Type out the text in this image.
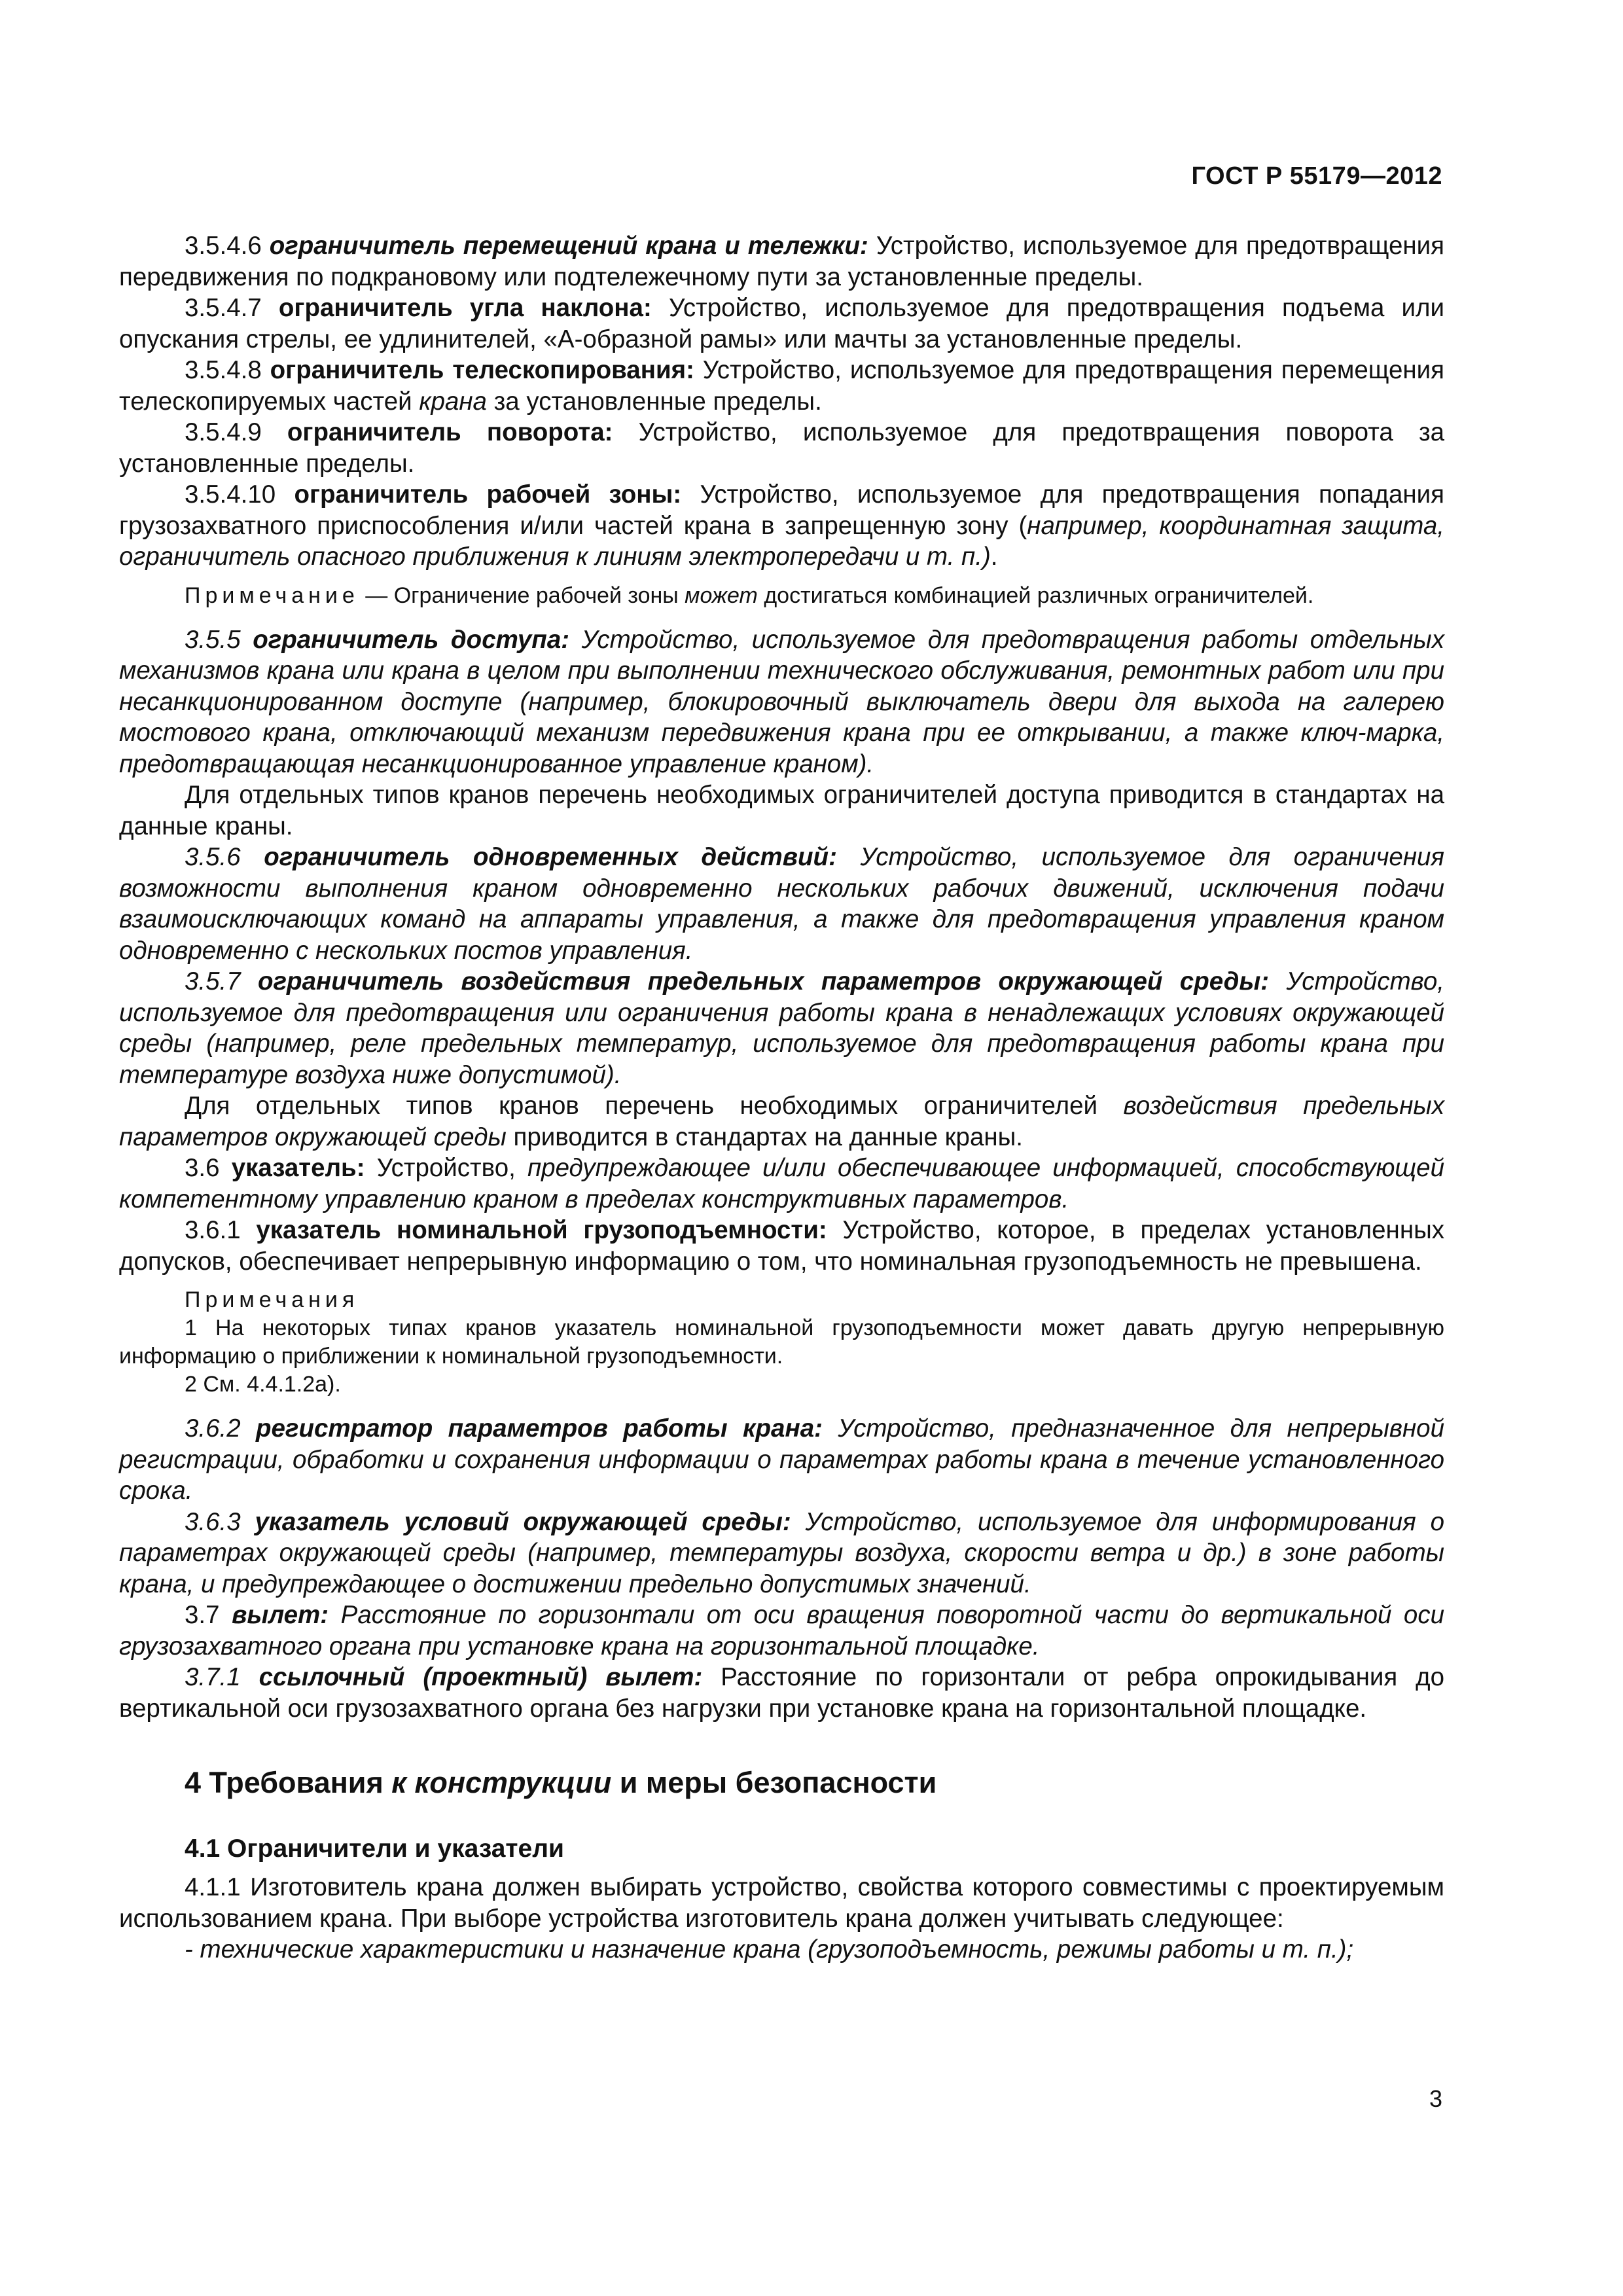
ГОСТ Р 55179—2012

3.5.4.6 ограничитель перемещений крана и тележки: Устройство, используемое для предотвращения передвижения по подкрановому или подтележечному пути за установленные пределы.

3.5.4.7 ограничитель угла наклона: Устройство, используемое для предотвращения подъема или опускания стрелы, ее удлинителей, «А-образной рамы» или мачты за установленные пределы.

3.5.4.8 ограничитель телескопирования: Устройство, используемое для предотвращения перемещения телескопируемых частей крана за установленные пределы.

3.5.4.9 ограничитель поворота: Устройство, используемое для предотвращения поворота за установленные пределы.

3.5.4.10 ограничитель рабочей зоны: Устройство, используемое для предотвращения попадания грузозахватного приспособления и/или частей крана в запрещенную зону (например, координатная защита, ограничитель опасного приближения к линиям электропередачи и т. п.).

Примечание — Ограничение рабочей зоны может достигаться комбинацией различных ограничителей.

3.5.5 ограничитель доступа: Устройство, используемое для предотвращения работы отдельных механизмов крана или крана в целом при выполнении технического обслуживания, ремонтных работ или при несанкционированном доступе (например, блокировочный выключатель двери для выхода на галерею мостового крана, отключающий механизм передвижения крана при ее открывании, а также ключ-марка, предотвращающая несанкционированное управление краном).

Для отдельных типов кранов перечень необходимых ограничителей доступа приводится в стандартах на данные краны.

3.5.6 ограничитель одновременных действий: Устройство, используемое для ограничения возможности выполнения краном одновременно нескольких рабочих движений, исключения подачи взаимоисключающих команд на аппараты управления, а также для предотвращения управления краном одновременно с нескольких постов управления.

3.5.7 ограничитель воздействия предельных параметров окружающей среды: Устройство, используемое для предотвращения или ограничения работы крана в ненадлежащих условиях окружающей среды (например, реле предельных температур, используемое для предотвращения работы крана при температуре воздуха ниже допустимой).

Для отдельных типов кранов перечень необходимых ограничителей воздействия предельных параметров окружающей среды приводится в стандартах на данные краны.

3.6 указатель: Устройство, предупреждающее и/или обеспечивающее информацией, способствующей компетентному управлению краном в пределах конструктивных параметров.

3.6.1 указатель номинальной грузоподъемности: Устройство, которое, в пределах установленных допусков, обеспечивает непрерывную информацию о том, что номинальная грузоподъемность не превышена.

Примечания

1 На некоторых типах кранов указатель номинальной грузоподъемности может давать другую непрерывную информацию о приближении к номинальной грузоподъемности.

2 См. 4.4.1.2а).

3.6.2 регистратор параметров работы крана: Устройство, предназначенное для непрерывной регистрации, обработки и сохранения информации о параметрах работы крана в течение установленного срока.

3.6.3 указатель условий окружающей среды: Устройство, используемое для информирования о параметрах окружающей среды (например, температуры воздуха, скорости ветра и др.) в зоне работы крана, и предупреждающее о достижении предельно допустимых значений.

3.7 вылет: Расстояние по горизонтали от оси вращения поворотной части до вертикальной оси грузозахватного органа при установке крана на горизонтальной площадке.

3.7.1 ссылочный (проектный) вылет: Расстояние по горизонтали от ребра опрокидывания до вертикальной оси грузозахватного органа без нагрузки при установке крана на горизонтальной площадке.

4 Требования к конструкции и меры безопасности
4.1 Ограничители и указатели

4.1.1 Изготовитель крана должен выбирать устройство, свойства которого совместимы с проектируемым использованием крана. При выборе устройства изготовитель крана должен учитывать следующее:

- технические характеристики и назначение крана (грузоподъемность, режимы работы и т. п.);

3
